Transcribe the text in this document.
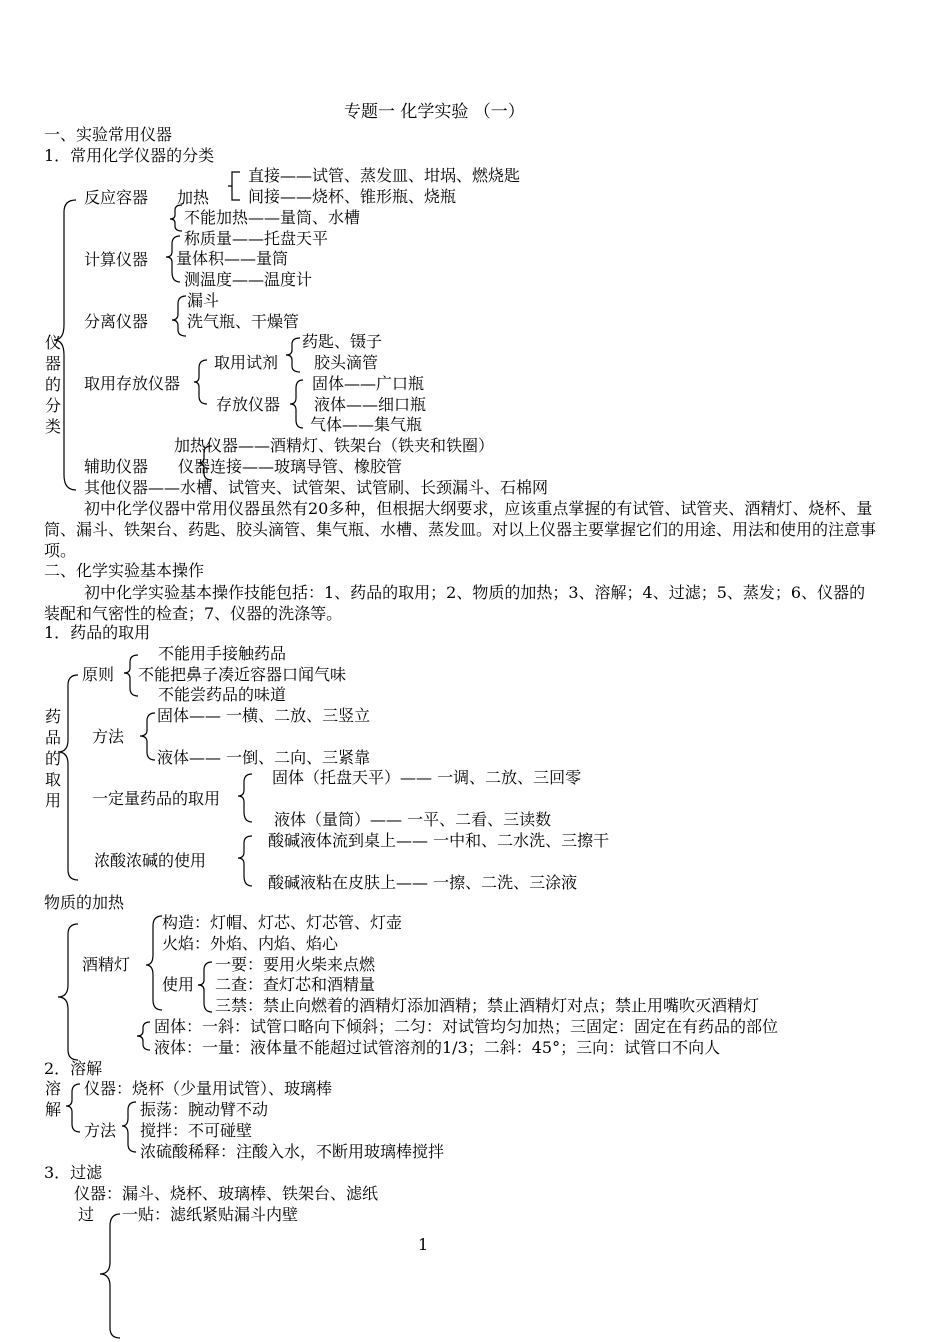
专题一 化学实验 （一）
一、实验常用仪器
1．常用化学仪器的分类
反应容器 加热
直接——试管、蒸发皿、坩埚、燃烧匙
间接——烧杯、锥形瓶、烧瓶
不能加热——量筒、水槽
计算仪器
称质量——托盘天平
量体积——量筒
测温度——温度计
分离仪器
漏斗
洗气瓶、干燥管
仪器的分类
取用存放仪器
取用试剂
药匙、镊子
胶头滴管
存放仪器
固体——广口瓶
液体——细口瓶
气体——集气瓶
加热仪器——酒精灯、铁架台（铁夹和铁圈）
辅助仪器 仪器连接——玻璃导管、橡胶管
其他仪器——水槽、试管夹、试管架、试管刷、长颈漏斗、石棉网
初中化学仪器中常用仪器虽然有20多种，但根据大纲要求，应该重点掌握的有试管、试管夹、酒精灯、烧杯、量筒、漏斗、铁架台、药匙、胶头滴管、集气瓶、水槽、蒸发皿。对以上仪器主要掌握它们的用途、用法和使用的注意事项。
二、化学实验基本操作
初中化学实验基本操作技能包括：1、药品的取用；2、物质的加热；3、溶解；4、过滤；5、蒸发；6、仪器的装配和气密性的检查；7、仪器的洗涤等。
1．药品的取用
药品的取用
原则
不能用手接触药品
不能把鼻子凑近容器口闻气味
不能尝药品的味道
方法
固体—— 一横、二放、三竖立
液体—— 一倒、二向、三紧靠
一定量药品的取用
固体（托盘天平）—— 一调、二放、三回零
液体（量筒）—— 一平、二看、三读数
浓酸浓碱的使用
酸碱液体流到桌上—— 一中和、二水洗、三擦干
酸碱液粘在皮肤上—— 一擦、二洗、三涂液
物质的加热
酒精灯
构造：灯帽、灯芯、灯芯管、灯壶
火焰：外焰、内焰、焰心
使用
一要：要用火柴来点燃
二查：查灯芯和酒精量
三禁：禁止向燃着的酒精灯添加酒精；禁止酒精灯对点；禁止用嘴吹灭酒精灯
固体：一斜：试管口略向下倾斜；二匀：对试管均匀加热；三固定：固定在有药品的部位
液体：一量：液体量不能超过试管溶剂的1/3；二斜：45°；三向：试管口不向人
2．溶解
溶解
仪器：烧杯（少量用试管）、玻璃棒
方法
振荡：腕动臂不动
搅拌：不可碰壁
浓硫酸稀释：注酸入水，不断用玻璃棒搅拌
3．过滤
仪器：漏斗、烧杯、玻璃棒、铁架台、滤纸
过 一贴：滤纸紧贴漏斗内壁
1
